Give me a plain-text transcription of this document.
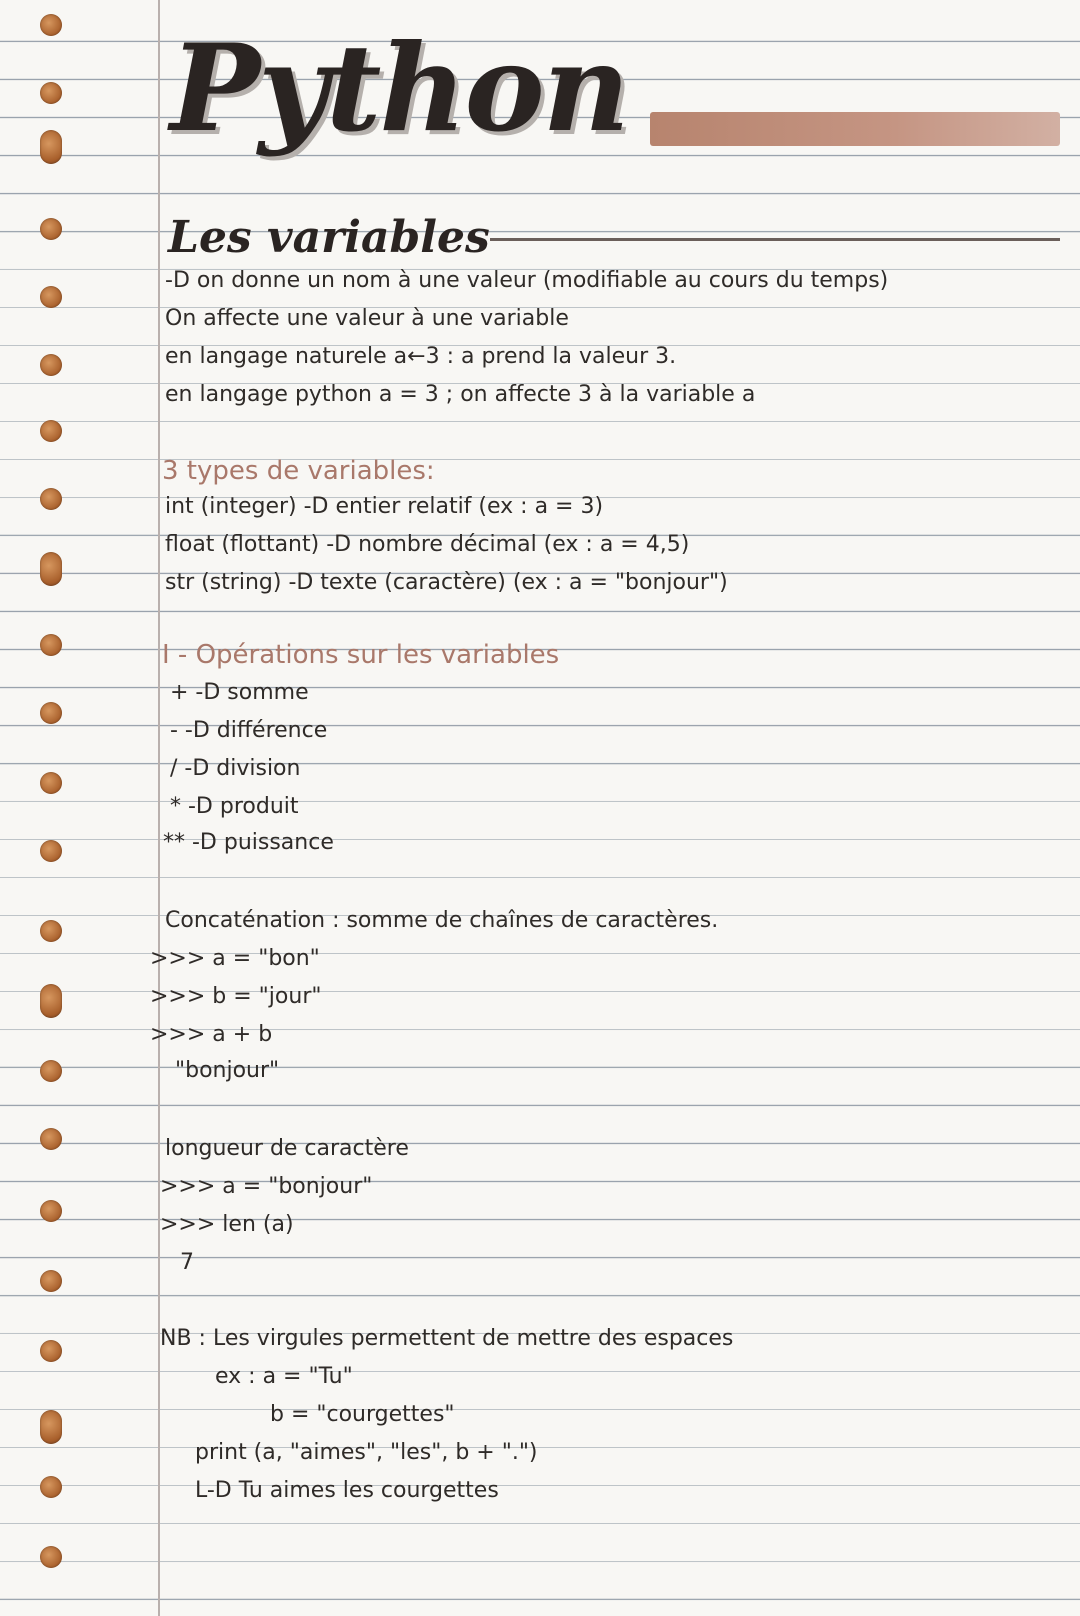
Python
Les variables
-D on donne un nom à une valeur (modifiable au cours du temps)
On affecte une valeur à une variable
en langage naturele a←3 : a prend la valeur 3.
en langage python a = 3 ; on affecte 3 à la variable a
3 types de variables:
int (integer) -D entier relatif (ex : a = 3)
float (flottant) -D nombre décimal (ex : a = 4,5)
str (string) -D texte (caractère) (ex : a = "bonjour")
I - Opérations sur les variables
+ -D somme
- -D différence
/ -D division
* -D produit
** -D puissance
Concaténation : somme de chaînes de caractères.
>>> a = "bon"
>>> b = "jour"
>>> a + b
"bonjour"
longueur de caractère
>>> a = "bonjour"
>>> len (a)
7
NB : Les virgules permettent de mettre des espaces
ex : a = "Tu"
b = "courgettes"
print (a, "aimes", "les", b + ".")
L-D Tu aimes les courgettes
